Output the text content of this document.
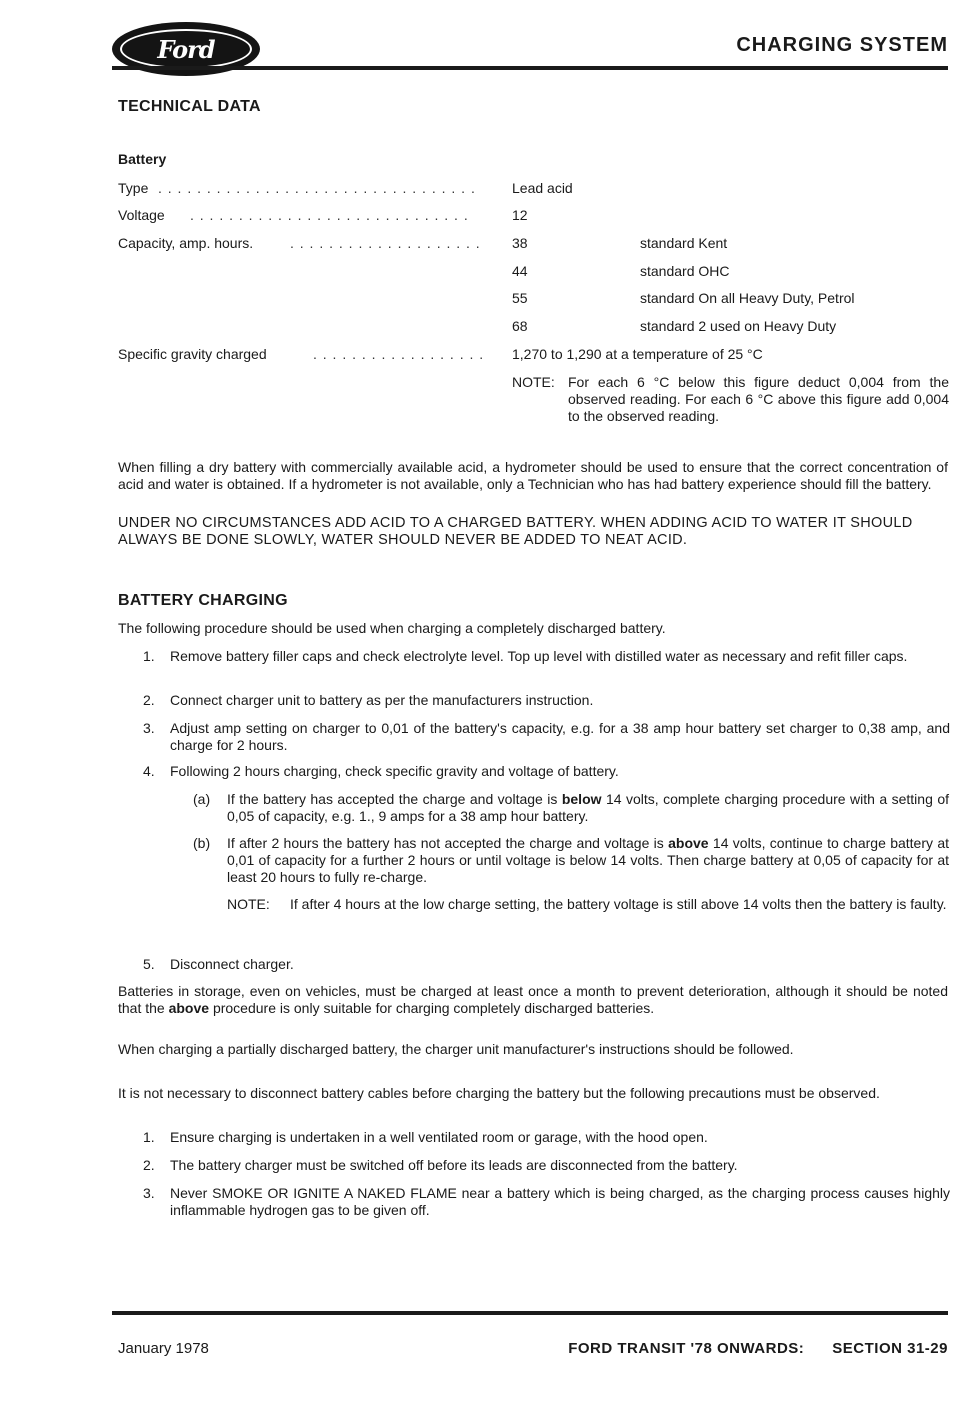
Ford	CHARGING SYSTEM
TECHNICAL DATA
Battery
Type . . . . . . . . . . . . . . . . . . . . . . . . . . . . . . . . .	Lead acid
Voltage . . . . . . . . . . . . . . . . . . . . . . . . . . . . .	12
Capacity, amp. hours.	. . . . . . . . . . . . . . . . . . . . 38	standard Kent
44	standard OHC
55	standard On all Heavy Duty, Petrol
68	standard 2 used on Heavy Duty
Specific gravity charged	. . . . . . . . . . . . . . . . . . 1,270 to 1,290 at a temperature of 25 °C
NOTE: For each 6 °C below this figure deduct 0,004 from the observed reading. For each 6 °C above this figure add 0,004 to the observed reading.
When filling a dry battery with commercially available acid, a hydrometer should be used to ensure that the correct concentration of acid and water is obtained. If a hydrometer is not available, only a Technician who has had battery experience should fill the battery.
UNDER NO CIRCUMSTANCES ADD ACID TO A CHARGED BATTERY. WHEN ADDING ACID TO WATER IT SHOULD ALWAYS BE DONE SLOWLY, WATER SHOULD NEVER BE ADDED TO NEAT ACID.
BATTERY CHARGING
The following procedure should be used when charging a completely discharged battery.
1. Remove battery filler caps and check electrolyte level. Top up level with distilled water as necessary and refit filler caps.
2. Connect charger unit to battery as per the manufacturers instruction.
3. Adjust amp setting on charger to 0,01 of the battery's capacity, e.g. for a 38 amp hour battery set charger to 0,38 amp, and charge for 2 hours.
4. Following 2 hours charging, check specific gravity and voltage of battery.
(a) If the battery has accepted the charge and voltage is below 14 volts, complete charging procedure with a setting of 0,05 of capacity, e.g. 1., 9 amps for a 38 amp hour battery.
(b) If after 2 hours the battery has not accepted the charge and voltage is above 14 volts, continue to charge battery at 0,01 of capacity for a further 2 hours or until voltage is below 14 volts. Then charge battery at 0,05 of capacity for at least 20 hours to fully re-charge.
NOTE: If after 4 hours at the low charge setting, the battery voltage is still above 14 volts then the battery is faulty.
5. Disconnect charger.
Batteries in storage, even on vehicles, must be charged at least once a month to prevent deterioration, although it should be noted that the above procedure is only suitable for charging completely discharged batteries.
When charging a partially discharged battery, the charger unit manufacturer's instructions should be followed.
It is not necessary to disconnect battery cables before charging the battery but the following precautions must be observed.
1. Ensure charging is undertaken in a well ventilated room or garage, with the hood open.
2. The battery charger must be switched off before its leads are disconnected from the battery.
3. Never SMOKE OR IGNITE A NAKED FLAME near a battery which is being charged, as the charging process causes highly inflammable hydrogen gas to be given off.
January 1978	FORD TRANSIT '78 ONWARDS: SECTION 31-29
